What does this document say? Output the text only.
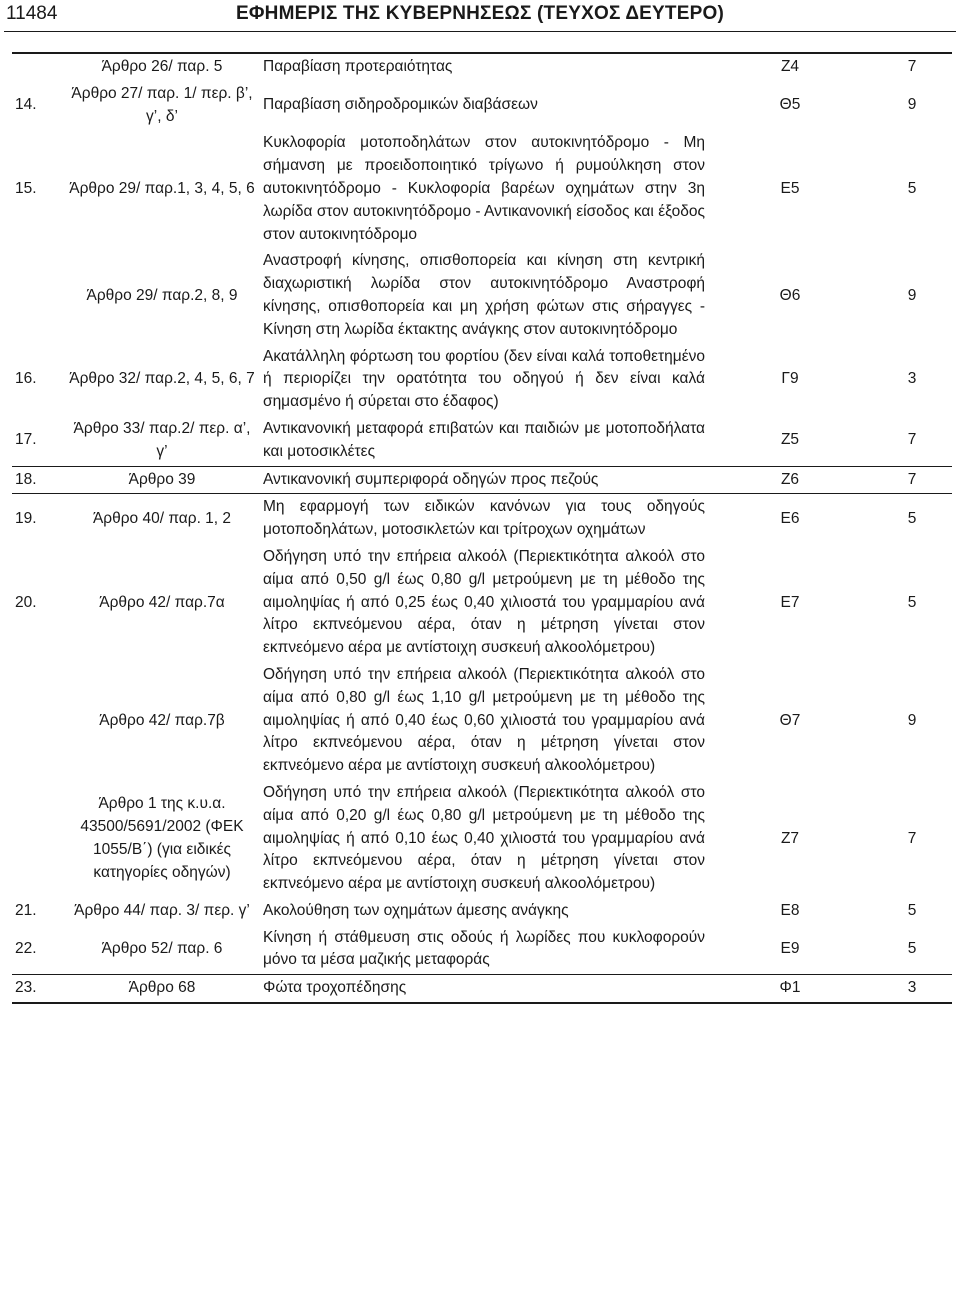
11484	ΕΦΗΜΕΡΙΣ ΤΗΣ ΚΥΒΕΡΝΗΣΕΩΣ (ΤΕΥΧΟΣ ΔΕΥΤΕΡΟ)
	Άρθρο 26/ παρ. 5	Παραβίαση προτεραιότητας	Ζ4	7
14.	Άρθρο 27/ παρ. 1/ περ. β’, γ’, δ’	Παραβίαση σιδηροδρομικών διαβάσεων	Θ5	9
15.	Άρθρο 29/ παρ.1, 3, 4, 5, 6	Κυκλοφορία μοτοποδηλάτων στον αυτοκινητόδρομο - Μη σήμανση με προειδοποιητικό τρίγωνο ή ρυμούλκηση στον αυτοκινητόδρομο - Κυκλοφορία βαρέων οχημάτων στην 3η λωρίδα στον αυτοκινητόδρομο - Αντικανονική είσοδος και έξοδος στον αυτοκινητόδρομο	Ε5	5
	Άρθρο 29/ παρ.2, 8, 9	Αναστροφή κίνησης, οπισθοπορεία και κίνηση στη κεντρική διαχωριστική λωρίδα στον αυτοκινητόδρομο Αναστροφή κίνησης, οπισθοπορεία και μη χρήση φώτων στις σήραγγες - Κίνηση στη λωρίδα έκτακτης ανάγκης στον αυτοκινητόδρομο	Θ6	9
16.	Άρθρο 32/ παρ.2, 4, 5, 6, 7	Ακατάλληλη φόρτωση του φορτίου (δεν είναι καλά τοποθετημένο ή περιορίζει την ορατότητα του οδηγού ή δεν είναι καλά σημασμένο ή σύρεται στο έδαφος)	Γ9	3
17.	Άρθρο 33/ παρ.2/ περ. α’, γ’	Αντικανονική μεταφορά επιβατών και παιδιών με μοτοποδήλατα και μοτοσικλέτες	Ζ5	7
18.	Άρθρο 39	Αντικανονική συμπεριφορά οδηγών προς πεζούς	Ζ6	7
19.	Άρθρο 40/ παρ. 1, 2	Μη εφαρμογή των ειδικών κανόνων για τους οδηγούς μοτοποδηλάτων, μοτοσικλετών και τρίτροχων οχημάτων	Ε6	5
20.	Άρθρο 42/ παρ.7α	Οδήγηση υπό την επήρεια αλκοόλ (Περιεκτικότητα αλκοόλ στο αίμα από 0,50 g/l έως 0,80 g/l μετρούμενη με τη μέθοδο της αιμοληψίας ή από 0,25 έως 0,40 χιλιοστά του γραμμαρίου ανά λίτρο εκπνεόμενου αέρα, όταν η μέτρηση γίνεται στον εκπνεόμενο αέρα με αντίστοιχη συσκευή αλκοολόμετρου)	Ε7	5
	Άρθρο 42/ παρ.7β	Οδήγηση υπό την επήρεια αλκοόλ (Περιεκτικότητα αλκοόλ στο αίμα από 0,80 g/l έως 1,10 g/l μετρούμενη με τη μέθοδο της αιμοληψίας ή από 0,40 έως 0,60 χιλιοστά του γραμμαρίου ανά λίτρο εκπνεόμενου αέρα, όταν η μέτρηση γίνεται στον εκπνεόμενο αέρα με αντίστοιχη συσκευή αλκοολόμετρου)	Θ7	9
	Άρθρο 1 της κ.υ.α. 43500/5691/2002 (ΦΕΚ 1055/Β΄) (για ειδικές κατηγορίες οδηγών)	Οδήγηση υπό την επήρεια αλκοόλ (Περιεκτικότητα αλκοόλ στο αίμα από 0,20 g/l έως 0,80 g/l μετρούμενη με τη μέθοδο της αιμοληψίας ή από 0,10 έως 0,40 χιλιοστά του γραμμαρίου ανά λίτρο εκπνεόμενου αέρα, όταν η μέτρηση γίνεται στον εκπνεόμενο αέρα με αντίστοιχη συσκευή αλκοολόμετρου)	Ζ7	7
21.	Άρθρο 44/ παρ. 3/ περ. γ’	Ακολούθηση των οχημάτων άμεσης ανάγκης	Ε8	5
22.	Άρθρο 52/ παρ. 6	Κίνηση ή στάθμευση στις οδούς ή λωρίδες που κυκλοφορούν μόνο τα μέσα μαζικής μεταφοράς	Ε9	5
23.	Άρθρο 68	Φώτα τροχοπέδησης	Φ1	3
